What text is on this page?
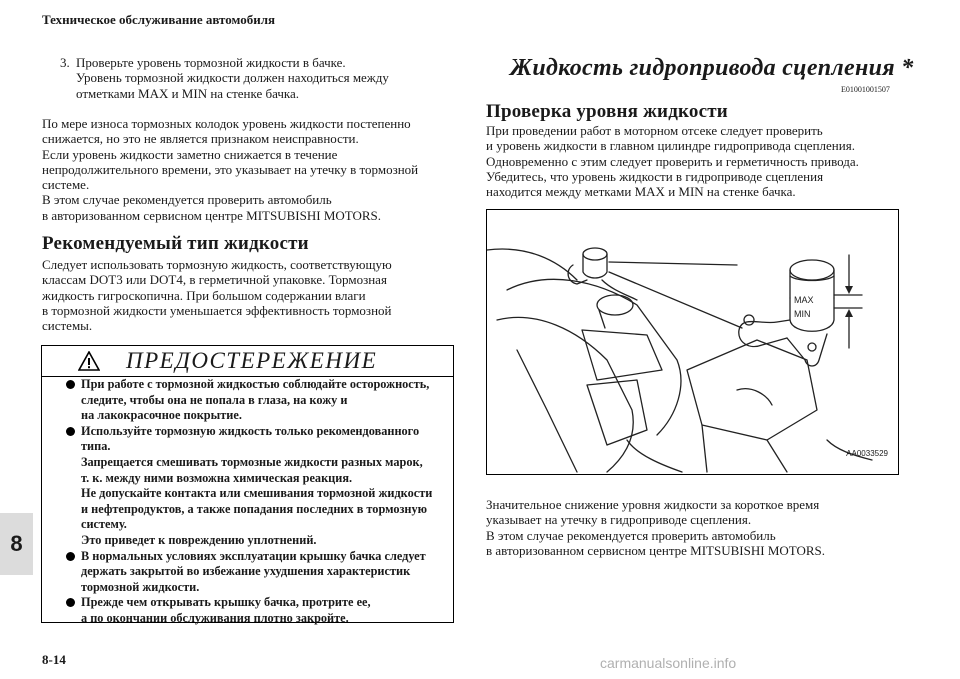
Техническое обслуживание автомобиля
3. Проверьте уровень тормозной жидкости в бачке.
Уровень тормозной жидкости должен находиться между
отметками MAX и MIN на стенке бачка.
По мере износа тормозных колодок уровень жидкости постепенно
снижается, но это не является признаком неисправности.
Если уровень жидкости заметно снижается в течение
непродолжительного времени, это указывает на утечку в тормозной
системе.
В этом случае рекомендуется проверить автомобиль
в авторизованном сервисном центре MITSUBISHI MOTORS.
Рекомендуемый тип жидкости
Следует использовать тормозную жидкость, соответствующую
классам DOT3 или DOT4, в герметичной упаковке. Тормозная
жидкость гигроскопична. При большом содержании влаги
в тормозной жидкости уменьшается эффективность тормозной
системы.
ПРЕДОСТЕРЕЖЕНИЕ
При работе с тормозной жидкостью соблюдайте осторожность,
следите, чтобы она не попала в глаза, на кожу и
на лакокрасочное покрытие.
Используйте тормозную жидкость только рекомендованного
типа.
Запрещается смешивать тормозные жидкости разных марок,
т. к. между ними возможна химическая реакция.
Не допускайте контакта или смешивания тормозной жидкости
и нефтепродуктов, а также попадания последних в тормозную
систему.
Это приведет к повреждению уплотнений.
В нормальных условиях эксплуатации крышку бачка следует
держать закрытой во избежание ухудшения характеристик
тормозной жидкости.
Прежде чем открывать крышку бачка, протрите ее,
а по окончании обслуживания плотно закройте.
8
8-14
Жидкость гидропривода сцепления *
E01001001507
Проверка уровня жидкости
При проведении работ в моторном отсеке следует проверить
и уровень жидкости в главном цилиндре гидропривода сцепления.
Одновременно с этим следует проверить и герметичность привода.
Убедитесь, что уровень жидкости в гидроприводе сцепления
находится между метками MAX и MIN на стенке бачка.
MAX
MIN
AA0033529
Значительное снижение уровня жидкости за короткое время
указывает на утечку в гидроприводе сцепления.
В этом случае рекомендуется проверить автомобиль
в авторизованном сервисном центре MITSUBISHI MOTORS.
carmanualsonline.info
